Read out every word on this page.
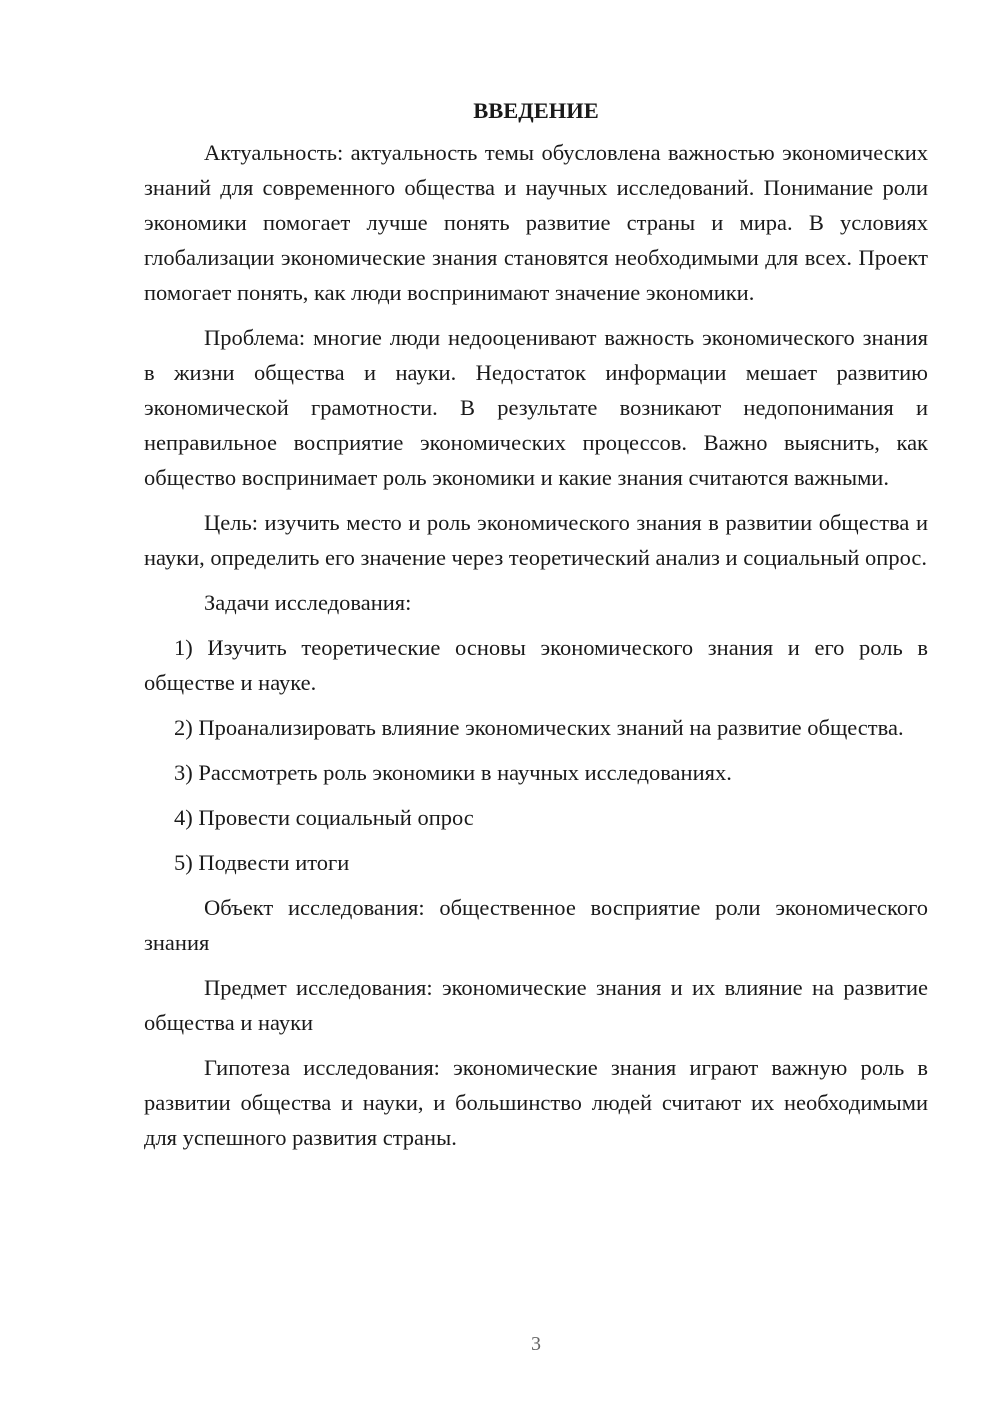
ВВЕДЕНИЕ

Актуальность: актуальность темы обусловлена важностью экономических знаний для современного общества и научных исследований. Понимание роли экономики помогает лучше понять развитие страны и мира. В условиях глобализации экономические знания становятся необходимыми для всех. Проект помогает понять, как люди воспринимают значение экономики.

Проблема: многие люди недооценивают важность экономического знания в жизни общества и науки. Недостаток информации мешает развитию экономической грамотности. В результате возникают недопонимания и неправильное восприятие экономических процессов. Важно выяснить, как общество воспринимает роль экономики и какие знания считаются важными.

Цель: изучить место и роль экономического знания в развитии общества и науки, определить его значение через теоретический анализ и социальный опрос.

Задачи исследования:

1) Изучить теоретические основы экономического знания и его роль в обществе и науке.

2) Проанализировать влияние экономических знаний на развитие общества.

3) Рассмотреть роль экономики в научных исследованиях.

4) Провести социальный опрос

5) Подвести итоги

Объект исследования: общественное восприятие роли экономического знания

Предмет исследования: экономические знания и их влияние на развитие общества и науки

Гипотеза исследования: экономические знания играют важную роль в развитии общества и науки, и большинство людей считают их необходимыми для успешного развития страны.

3
